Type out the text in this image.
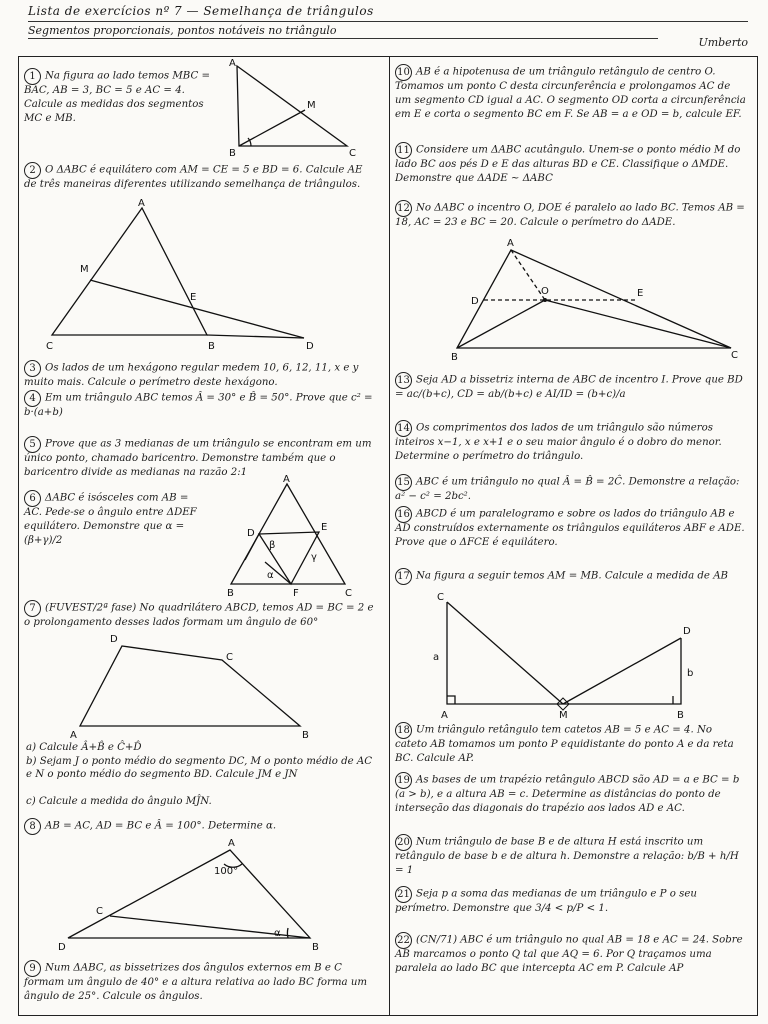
Lista de exercícios nº 7 — Semelhança de triângulos
Segmentos proporcionais, pontos notáveis no triângulo
Umberto
1 Na figura ao lado temos MBC = BAC, AB = 3, BC = 5 e AC = 4. Calcule as medidas dos segmentos MC e MB.
A
B	C
M
2 O ΔABC é equilátero com AM = CE = 5 e BD = 6. Calcule AE de três maneiras diferentes utilizando semelhança de triângulos.
A
M
E
C	B	D
3 Os lados de um hexágono regular medem 10, 6, 12, 11, x e y muito mais. Calcule o perímetro deste hexágono.
4 Em um triângulo ABC temos Â = 30° e B̂ = 50°. Prove que c² = b·(a+b)
5 Prove que as 3 medianas de um triângulo se encontram em um único ponto, chamado baricentro. Demonstre também que o baricentro divide as medianas na razão 2:1
6 ΔABC é isósceles com AB = AC. Pede-se o ângulo entre ΔDEF equilátero. Demonstre que α = (β+γ)/2
A
D
E
B	F	C
β
γ
α
7 (FUVEST/2ª fase) No quadrilátero ABCD, temos AD = BC = 2 e o prolongamento desses lados formam um ângulo de 60°
D
C
A	B
a) Calcule Â+B̂ e Ĉ+D̂
b) Sejam J o ponto médio do segmento DC, M o ponto médio de AC e N o ponto médio do segmento BD. Calcule JM e JN
c) Calcule a medida do ângulo MĴN.
8 AB = AC, AD = BC e Â = 100°. Determine α.
A
C
D	B
100°
α
9 Num ΔABC, as bissetrizes dos ângulos externos em B e C formam um ângulo de 40° e a altura relativa ao lado BC forma um ângulo de 25°. Calcule os ângulos.
10 AB é a hipotenusa de um triângulo retângulo de centro O. Tomamos um ponto C desta circunferência e prolongamos AC de um segmento CD igual a AC. O segmento OD corta a circunferência em E e corta o segmento BC em F. Se AB = a e OD = b, calcule EF.
11 Considere um ΔABC acutângulo. Unem-se o ponto médio M do lado BC aos pés D e E das alturas BD e CE. Classifique o ΔMDE. Demonstre que ΔADE ~ ΔABC
12 No ΔABC o incentro O, DOE é paralelo ao lado BC. Temos AB = 18, AC = 23 e BC = 20. Calcule o perímetro do ΔADE.
A
D
O	E
B	C
13 Seja AD a bissetriz interna de ABC de incentro I. Prove que BD = ac/(b+c), CD = ab/(b+c) e AI/ID = (b+c)/a
14 Os comprimentos dos lados de um triângulo são números inteiros x−1, x e x+1 e o seu maior ângulo é o dobro do menor. Determine o perímetro do triângulo.
15 ABC é um triângulo no qual Â = B̂ = 2Ĉ. Demonstre a relação: a² − c² = 2bc².
16 ABCD é um paralelogramo e sobre os lados do triângulo AB e AD construídos externamente os triângulos equiláteros ABF e ADE. Prove que o ΔFCE é equilátero.
17 Na figura a seguir temos AM = MB. Calcule a medida de AB
C
D
a
b
A	M	B
18 Um triângulo retângulo tem catetos AB = 5 e AC = 4. No cateto AB tomamos um ponto P equidistante do ponto A e da reta BC. Calcule AP.
19 As bases de um trapézio retângulo ABCD são AD = a e BC = b (a > b), e a altura AB = c. Determine as distâncias do ponto de interseção das diagonais do trapézio aos lados AD e AC.
20 Num triângulo de base B e de altura H está inscrito um retângulo de base b e de altura h. Demonstre a relação: b/B + h/H = 1
21 Seja p a soma das medianas de um triângulo e P o seu perímetro. Demonstre que 3/4 < p/P < 1.
22 (CN/71) ABC é um triângulo no qual AB = 18 e AC = 24. Sobre AB marcamos o ponto Q tal que AQ = 6. Por Q traçamos uma paralela ao lado BC que intercepta AC em P. Calcule AP
